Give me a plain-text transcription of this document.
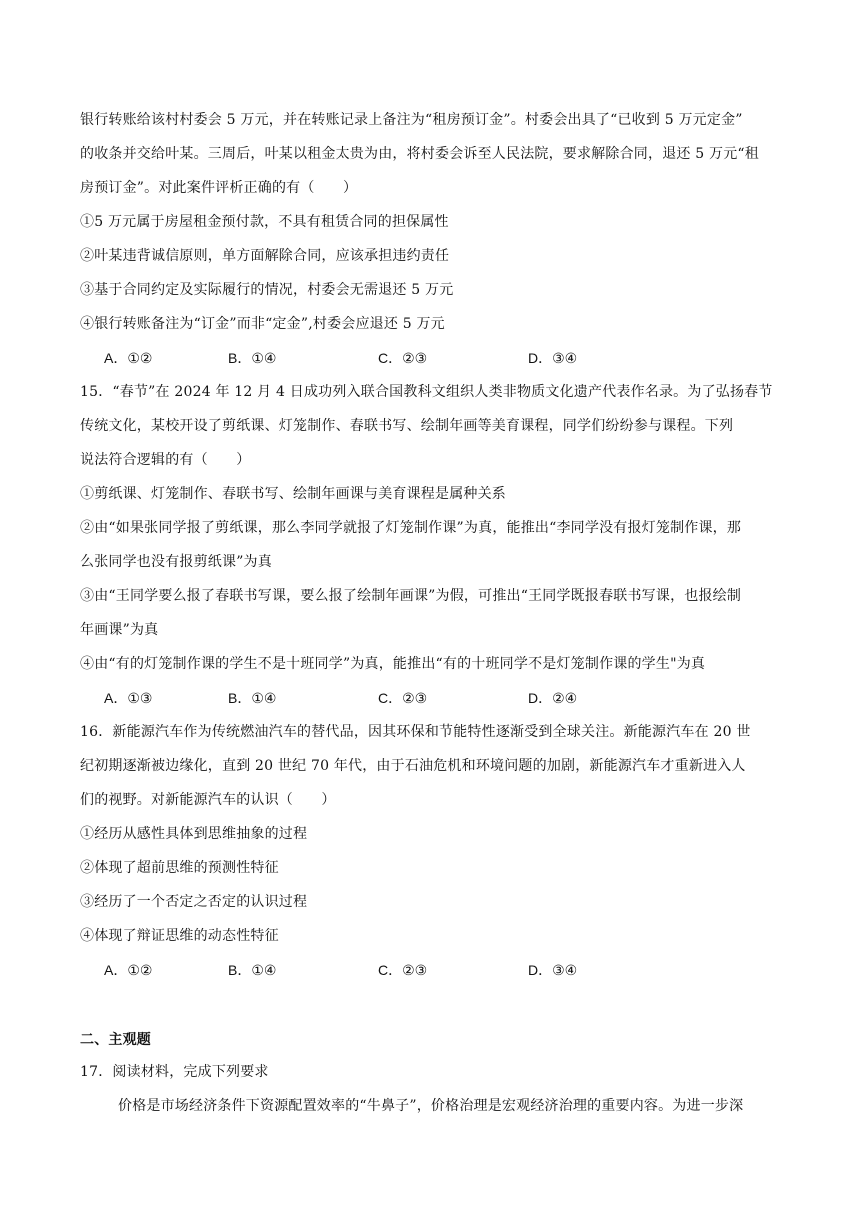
银行转账给该村村委会 5 万元，并在转账记录上备注为“租房预订金”。村委会出具了“已收到 5 万元定金”
的收条并交给叶某。三周后，叶某以租金太贵为由，将村委会诉至人民法院，要求解除合同，退还 5 万元“租
房预订金”。对此案件评析正确的有（　　）
①5 万元属于房屋租金预付款，不具有租赁合同的担保属性
②叶某违背诚信原则，单方面解除合同，应该承担违约责任
③基于合同约定及实际履行的情况，村委会无需退还 5 万元
④银行转账备注为“订金”而非“定金”,村委会应退还 5 万元
A．①②	B．①④	C．②③	D．③④
15．“春节”在 2024 年 12 月 4 日成功列入联合国教科文组织人类非物质文化遗产代表作名录。为了弘扬春节
传统文化，某校开设了剪纸课、灯笼制作、春联书写、绘制年画等美育课程，同学们纷纷参与课程。下列
说法符合逻辑的有（　　）
①剪纸课、灯笼制作、春联书写、绘制年画课与美育课程是属种关系
②由“如果张同学报了剪纸课，那么李同学就报了灯笼制作课”为真，能推出“李同学没有报灯笼制作课，那
么张同学也没有报剪纸课”为真
③由“王同学要么报了春联书写课，要么报了绘制年画课”为假，可推出“王同学既报春联书写课，也报绘制
年画课”为真
④由“有的灯笼制作课的学生不是十班同学”为真，能推出“有的十班同学不是灯笼制作课的学生"为真
A．①③	B．①④	C．②③	D．②④
16．新能源汽车作为传统燃油汽车的替代品，因其环保和节能特性逐渐受到全球关注。新能源汽车在 20 世
纪初期逐渐被边缘化，直到 20 世纪 70 年代，由于石油危机和环境问题的加剧，新能源汽车才重新进入人
们的视野。对新能源汽车的认识（　　）
①经历从感性具体到思维抽象的过程
②体现了超前思维的预测性特征
③经历了一个否定之否定的认识过程
④体现了辩证思维的动态性特征
A．①②	B．①④	C．②③	D．③④
二、主观题
17．阅读材料，完成下列要求
价格是市场经济条件下资源配置效率的“牛鼻子”，价格治理是宏观经济治理的重要内容。为进一步深
